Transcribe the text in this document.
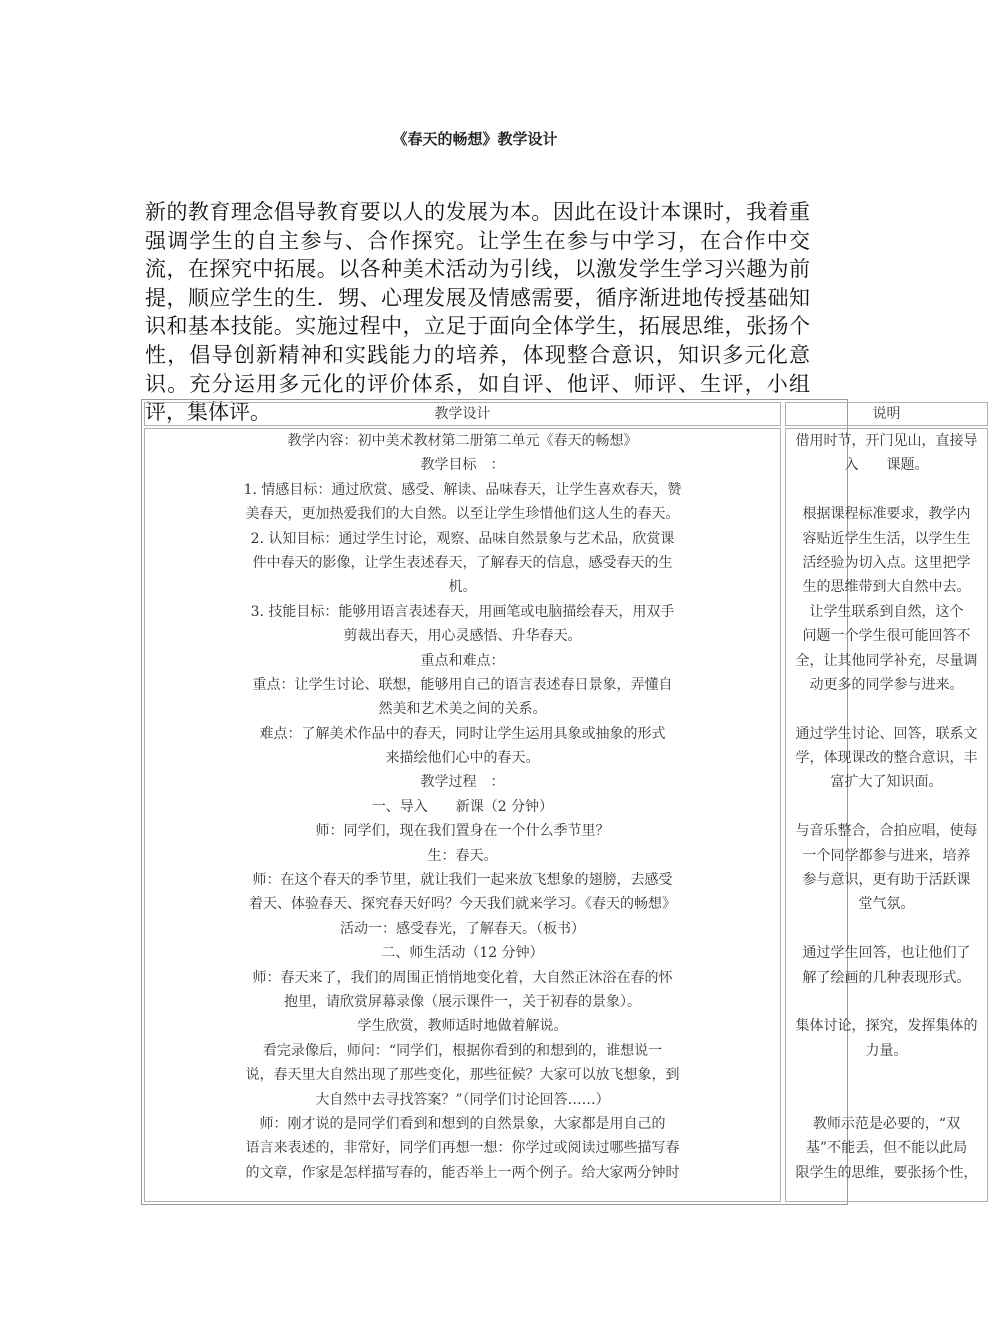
《春天的畅想》教学设计
新的教育理念倡导教育要以人的发展为本。因此在设计本课时，我着重强调学生的自主参与、合作探究。让学生在参与中学习，在合作中交流，在探究中拓展。以各种美术活动为引线，以激发学生学习兴趣为前提，顺应学生的生．甥、心理发展及情感需要，循序渐进地传授基础知识和基本技能。实施过程中，立足于面向全体学生，拓展思维，张扬个性，倡导创新精神和实践能力的培养，体现整合意识，知识多元化意识。充分运用多元化的评价体系，如自评、他评、师评、生评，小组评，集体评。	教学设计	说明
教学内容：初中美术教材第二册第二单元《春天的畅想》
教学目标　：
1. 情感目标：通过欣赏、感受、解读、品味春天，让学生喜欢春天，赞
美春天，更加热爱我们的大自然。以至让学生珍惜他们这人生的春天。
2. 认知目标：通过学生讨论，观察、品味自然景象与艺术品，欣赏课
件中春天的影像，让学生表述春天，了解春天的信息，感受春天的生
机。
3. 技能目标：能够用语言表述春天，用画笔或电脑描绘春天，用双手
剪裁出春天，用心灵感悟、升华春天。
重点和难点：
重点：让学生讨论、联想，能够用自己的语言表述春日景象，弄懂自
然美和艺术美之间的关系。
难点：了解美术作品中的春天，同时让学生运用具象或抽象的形式
来描绘他们心中的春天。
教学过程　：
一、导入　　新课（2 分钟）
师：同学们，现在我们置身在一个什么季节里？
生：春天。
师：在这个春天的季节里，就让我们一起来放飞想象的翅膀，去感受
着天、体验春天、探究春天好吗？今天我们就来学习。《春天的畅想》
活动一：感受春光，了解春天。（板书）
二、师生活动（12 分钟）
师：春天来了，我们的周围正悄悄地变化着，大自然正沐浴在春的怀
抱里，请欣赏屏幕录像（展示课件一，关于初春的景象）。
学生欣赏，教师适时地做着解说。
看完录像后，师问：“同学们，根据你看到的和想到的，谁想说一
说，春天里大自然出现了那些变化，那些征候？大家可以放飞想象，到
大自然中去寻找答案？”（同学们讨论回答……）
师：刚才说的是同学们看到和想到的自然景象，大家都是用自己的
语言来表述的，非常好，同学们再想一想：你学过或阅读过哪些描写春
的文章，作家是怎样描写春的，能否举上一两个例子。给大家两分钟时
借用时节，开门见山，直接导
入　　课题。
根据课程标准要求，教学内
容贴近学生生活，以学生生
活经验为切入点。这里把学
生的思维带到大自然中去。
让学生联系到自然，这个
问题一个学生很可能回答不
全，让其他同学补充，尽量调
动更多的同学参与进来。
通过学生讨论、回答，联系文
学，体现课改的整合意识，丰
富扩大了知识面。
与音乐整合，合拍应唱，使每
一个同学都参与进来，培养
参与意识，更有助于活跃课
堂气氛。
通过学生回答，也让他们了
解了绘画的几种表现形式。
集体讨论，探究，发挥集体的
力量。
教师示范是必要的，“双
基”不能丢，但不能以此局
限学生的思维，要张扬个性，
